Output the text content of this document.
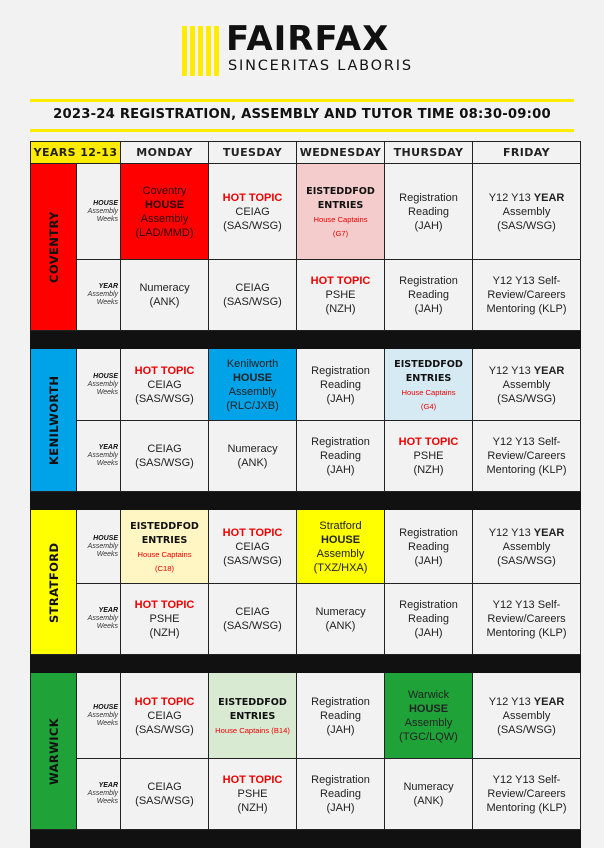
FAIRFAX
SINCERITAS LABORIS
2023-24 REGISTRATION, ASSEMBLY AND TUTOR TIME 08:30-09:00
YEARS 12-13		MONDAY	TUESDAY	WEDNESDAY	THURSDAY	FRIDAY
COVENTRY	HOUSE
Assembly
Weeks	Coventry
HOUSE
Assembly
(LAD/MMD)	HOT TOPIC
CEIAG
(SAS/WSG)	EISTEDDFOD
ENTRIES
House Captains
(G7)	Registration
Reading
(JAH)	Y12 Y13 YEAR
Assembly
(SAS/WSG)

	YEAR
Assembly
Weeks	Numeracy
(ANK)	CEIAG
(SAS/WSG)	HOT TOPIC
PSHE
(NZH)	Registration
Reading
(JAH)	Y12 Y13 Self-
Review/Careers
Mentoring (KLP)

KENILWORTH	HOUSE
Assembly
Weeks	HOT TOPIC
CEIAG
(SAS/WSG)	Kenilworth
HOUSE
Assembly
(RLC/JXB)	Registration
Reading
(JAH)	EISTEDDFOD
ENTRIES
House Captains
(G4)	Y12 Y13 YEAR
Assembly
(SAS/WSG)

	YEAR
Assembly
Weeks	CEIAG
(SAS/WSG)	Numeracy
(ANK)	Registration
Reading
(JAH)	HOT TOPIC
PSHE
(NZH)	Y12 Y13 Self-
Review/Careers
Mentoring (KLP)

STRATFORD	HOUSE
Assembly
Weeks	EISTEDDFOD
ENTRIES
House Captains
(C18)	HOT TOPIC
CEIAG
(SAS/WSG)	Stratford
HOUSE
Assembly
(TXZ/HXA)	Registration
Reading
(JAH)	Y12 Y13 YEAR
Assembly
(SAS/WSG)

	YEAR
Assembly
Weeks	HOT TOPIC
PSHE
(NZH)	CEIAG
(SAS/WSG)	Numeracy
(ANK)	Registration
Reading
(JAH)	Y12 Y13 Self-
Review/Careers
Mentoring (KLP)

WARWICK	HOUSE
Assembly
Weeks	HOT TOPIC
CEIAG
(SAS/WSG)	EISTEDDFOD
ENTRIES
House Captains (B14)	Registration
Reading
(JAH)	Warwick
HOUSE
Assembly
(TGC/LQW)	Y12 Y13 YEAR
Assembly
(SAS/WSG)

	YEAR
Assembly
Weeks	CEIAG
(SAS/WSG)	HOT TOPIC
PSHE
(NZH)	Registration
Reading
(JAH)	Numeracy
(ANK)	Y12 Y13 Self-
Review/Careers
Mentoring (KLP)
